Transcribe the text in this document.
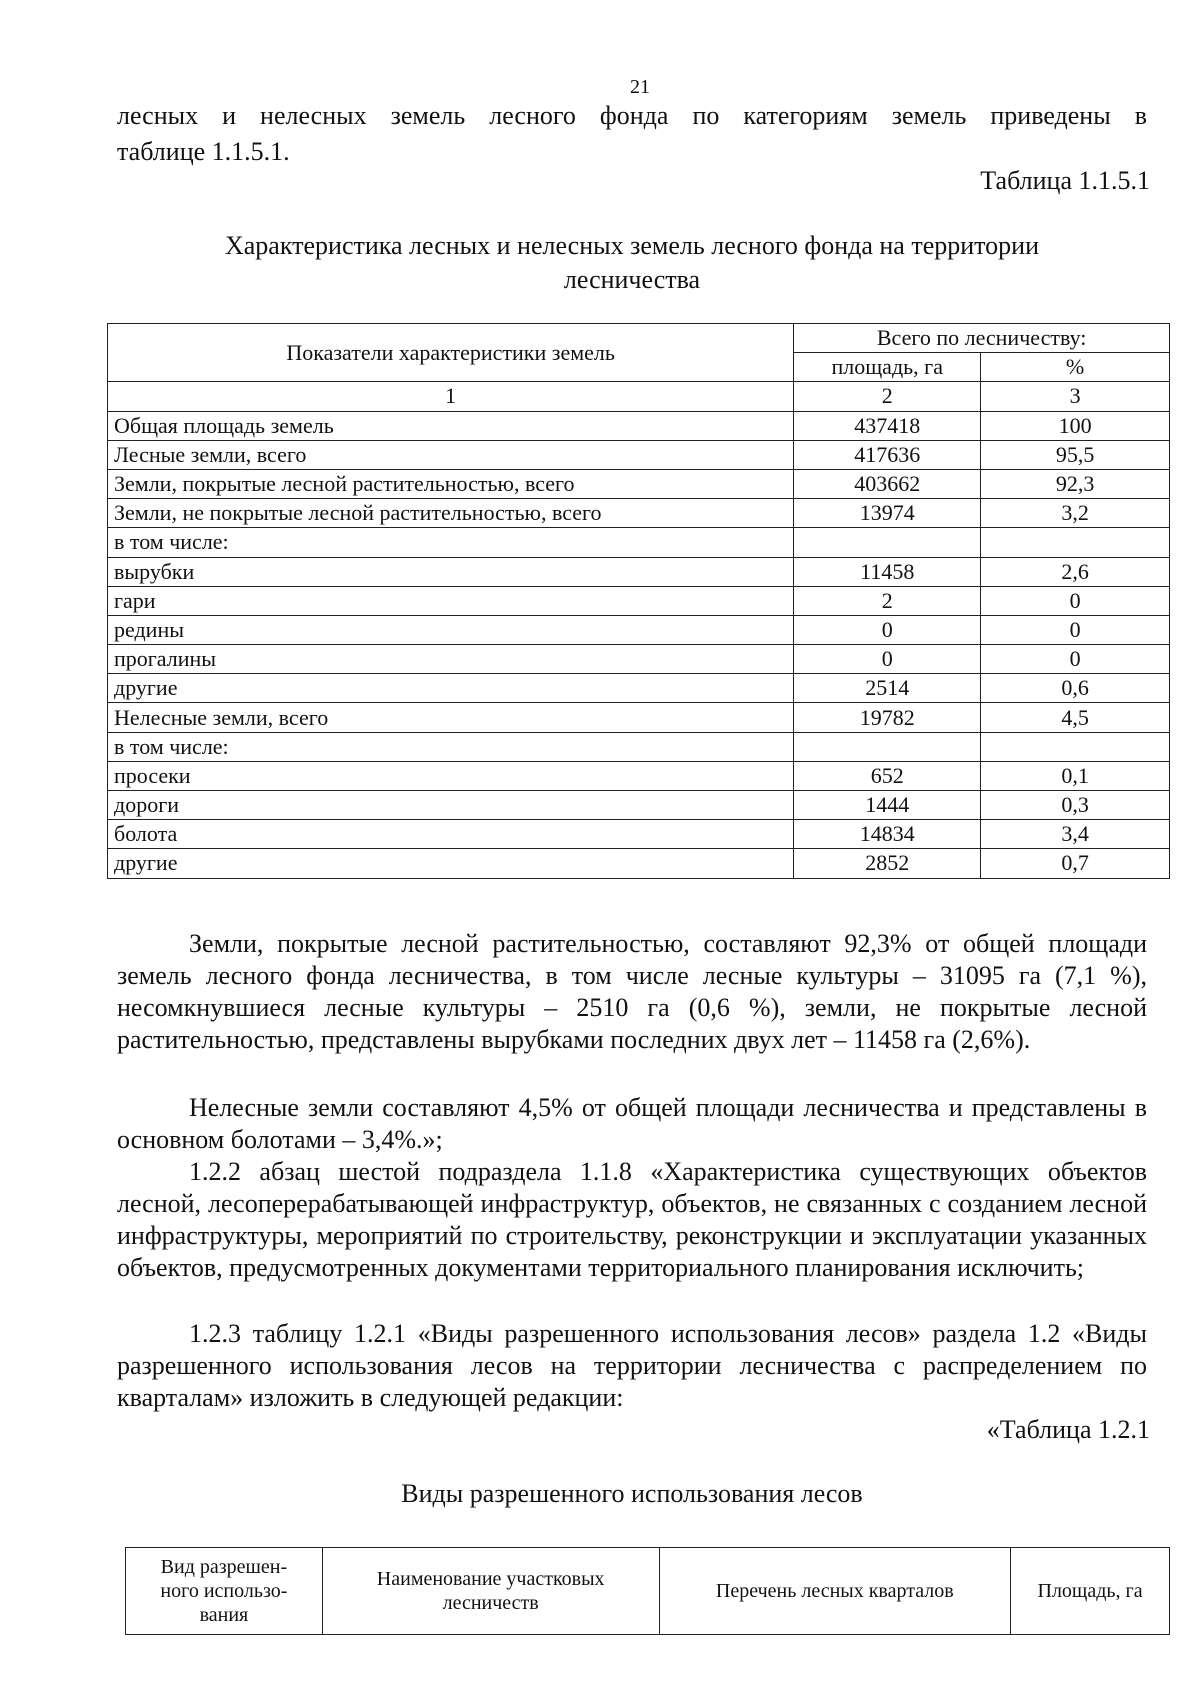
21
лесных и нелесных земель лесного фонда по категориям земель приведены в
таблице 1.1.5.1.
Таблица 1.1.5.1
Характеристика лесных и нелесных земель лесного фонда на территории
лесничества
Показатели характеристики земель	Всего по лесничеству:	
	площадь, га	%
1	2	3
Общая площадь земель	437418	100
Лесные земли, всего	417636	95,5
Земли, покрытые лесной растительностью, всего	403662	92,3
Земли, не покрытые лесной растительностью, всего	13974	3,2
в том числе:		
вырубки	11458	2,6
гари	2	0
редины	0	0
прогалины	0	0
другие	2514	0,6
Нелесные земли, всего	19782	4,5
в том числе:		
просеки	652	0,1
дороги	1444	0,3
болота	14834	3,4
другие	2852	0,7

Земли, покрытые лесной растительностью, составляют 92,3% от общей площади земель лесного фонда лесничества, в том числе лесные культуры – 31095 га (7,1 %), несомкнувшиеся лесные культуры – 2510 га (0,6 %), земли, не покрытые лесной растительностью, представлены вырубками последних двух лет – 11458 га (2,6%).

Нелесные земли составляют 4,5% от общей площади лесничества и представлены в основном болотами – 3,4%.»;

1.2.2 абзац шестой подраздела 1.1.8 «Характеристика существующих объектов лесной, лесоперерабатывающей инфраструктур, объектов, не связанных с созданием лесной инфраструктуры, мероприятий по строительству, реконструкции и эксплуатации указанных объектов, предусмотренных документами территориального планирования исключить;

1.2.3 таблицу 1.2.1 «Виды разрешенного использования лесов» раздела 1.2 «Виды разрешенного использования лесов на территории лесничества с распределением по кварталам» изложить в следующей редакции:

«Таблица 1.2.1
Виды разрешенного использования лесов
Вид разрешен-
ного использо-
вания	Наименование участковых
лесничеств	Перечень лесных кварталов	Площадь, га
